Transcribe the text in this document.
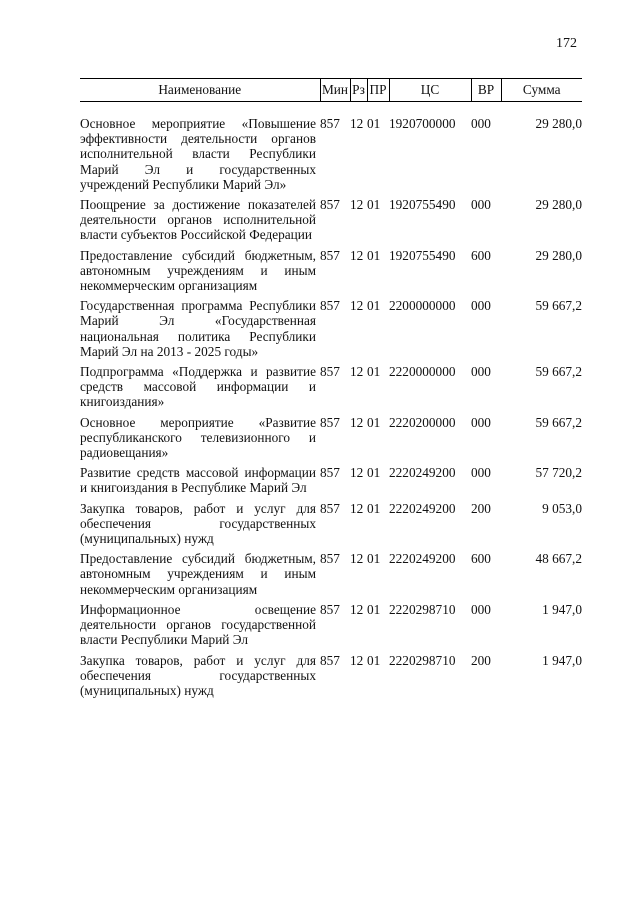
172
Наименование	Мин	Рз	ПР	ЦС	ВР	Сумма

Основное мероприятие «Повышение эффективности деятельности органов исполнительной власти Республики Марий Эл и государственных учреждений Республики Марий Эл»	857	12	01	1920700000	000	29 280,0
Поощрение за достижение показателей деятельности органов исполнительной власти субъектов Российской Федерации	857	12	01	1920755490	000	29 280,0
Предоставление субсидий бюджетным, автономным учреждениям и иным некоммерческим организациям	857	12	01	1920755490	600	29 280,0
Государственная программа Республики Марий Эл «Государственная национальная политика Республики Марий Эл на 2013 - 2025 годы»	857	12	01	2200000000	000	59 667,2
Подпрограмма «Поддержка и развитие средств массовой информации и книгоиздания»	857	12	01	2220000000	000	59 667,2
Основное мероприятие «Развитие республиканского телевизионного и радиовещания»	857	12	01	2220200000	000	59 667,2
Развитие средств массовой информации и книгоиздания в Республике Марий Эл	857	12	01	2220249200	000	57 720,2
Закупка товаров, работ и услуг для обеспечения государственных (муниципальных) нужд	857	12	01	2220249200	200	9 053,0
Предоставление субсидий бюджетным, автономным учреждениям и иным некоммерческим организациям	857	12	01	2220249200	600	48 667,2
Информационное освещение деятельности органов государственной власти Республики Марий Эл	857	12	01	2220298710	000	1 947,0
Закупка товаров, работ и услуг для обеспечения государственных (муниципальных) нужд	857	12	01	2220298710	200	1 947,0
